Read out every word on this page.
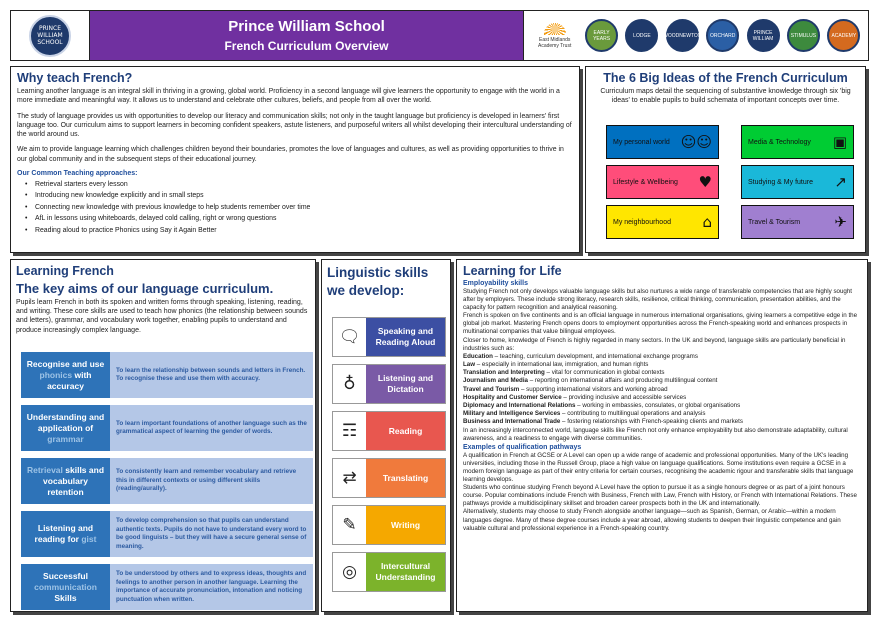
PRINCE WILLIAM SCHOOL
Prince William School
French Curriculum Overview	East Midlands Academy Trust
EARLY YEARS	LODGE	WOODNEWTON ORCHARD	PRINCE WILLIAM	STIMULUS	ACADEMY
Why teach French?

Learning another language is an integral skill in thriving in a growing, global world. Proficiency in a second language will give learners the opportunity to engage with the world in a more immediate and meaningful way. It allows us to understand and celebrate other cultures, beliefs, and people from all over the world.

The study of language provides us with opportunities to develop our literacy and communication skills; not only in the taught language but proficiency is developed in learners' first language too. Our curriculum aims to support learners in becoming confident speakers, astute listeners, and purposeful writers all whilst developing their intercultural understanding of the world around us.

We aim to provide language learning which challenges children beyond their boundaries, promotes the love of languages and cultures, as well as providing opportunities to thrive in our global community and in the subsequent steps of their educational journey.

Our Common Teaching approaches:
• Retrieval starters every lesson
• Introducing new knowledge explicitly and in small steps
• Connecting new knowledge with previous knowledge to help students remember over time
• AfL in lessons using whiteboards, delayed cold calling, right or wrong questions
• Reading aloud to practice Phonics using Say it Again Better
The 6 Big Ideas of the French Curriculum

Curriculum maps detail the sequencing of substantive knowledge through six 'big ideas' to enable pupils to build schemata of important concepts over time.

My personal world ☺☺	Media & Technology ▣
Lifestyle & Wellbeing ♥	Studying & My future ↗
My neighbourhood ⌂	Travel & Tourism ✈
Learning French
The key aims of our language curriculum.

Pupils learn French in both its spoken and written forms through speaking, listening, reading, and writing. These core skills are used to teach how phonics (the relationship between sounds and letters), grammar, and vocabulary work together, enabling pupils to understand and produce increasingly complex language.

Recognise and use phonics with accuracy
To learn the relationship between sounds and letters in French. To recognise these and use them with accuracy.
Understanding and application of grammar
To learn important foundations of another language such as the grammatical aspect of learning the gender of words.
Retrieval skills and vocabulary retention
To consistently learn and remember vocabulary and retrieve this in different contexts or using different skills (reading/aurally).
Listening and reading for gist
To develop comprehension so that pupils can understand authentic texts. Pupils do not have to understand every word to be good linguists – but they will have a secure general sense of meaning.
Successful communication Skills
To be understood by others and to express ideas, thoughts and feelings to another person in another language. Learning the importance of accurate pronunciation, intonation and noticing punctuation when written.
Linguistic skills we develop:
🗨	Speaking and Reading Aloud
♁	Listening and Dictation
☶	Reading
⇄	Translating
✎	Writing
◎	Intercultural Understanding
Learning for Life
Employability skills

Studying French not only develops valuable language skills but also nurtures a wide range of transferable competencies that are highly sought after by employers. These include strong literacy, research skills, resilience, critical thinking, communication, presentation abilities, and the capacity for pattern recognition and analytical reasoning.

French is spoken on five continents and is an official language in numerous international organisations, giving learners a competitive edge in the global job market. Mastering French opens doors to employment opportunities across the French-speaking world and enhances prospects in multinational companies that value bilingual employees.

Closer to home, knowledge of French is highly regarded in many sectors. In the UK and beyond, language skills are particularly beneficial in industries such as:

Education – teaching, curriculum development, and international exchange programs
Law – especially in international law, immigration, and human rights
Translation and Interpreting – vital for communication in global contexts
Journalism and Media – reporting on international affairs and producing multilingual content
Travel and Tourism – supporting international visitors and working abroad
Hospitality and Customer Service – providing inclusive and accessible services
Diplomacy and International Relations – working in embassies, consulates, or global organisations
Military and Intelligence Services – contributing to multilingual operations and analysis
Business and International Trade – fostering relationships with French-speaking clients and markets

In an increasingly interconnected world, language skills like French not only enhance employability but also demonstrate adaptability, cultural awareness, and a readiness to engage with diverse communities.

Examples of qualification pathways

A qualification in French at GCSE or A Level can open up a wide range of academic and professional opportunities. Many of the UK's leading universities, including those in the Russell Group, place a high value on language qualifications. Some institutions even require a GCSE in a modern foreign language as part of their entry criteria for certain courses, recognising the academic rigour and transferable skills that language learning develops.

Students who continue studying French beyond A Level have the option to pursue it as a single honours degree or as part of a joint honours course. Popular combinations include French with Business, French with Law, French with History, or French with International Relations. These pathways provide a multidisciplinary skillset and broaden career prospects both in the UK and internationally.

Alternatively, students may choose to study French alongside another language—such as Spanish, German, or Arabic—within a modern languages degree. Many of these degree courses include a year abroad, allowing students to deepen their linguistic competence and gain valuable cultural and professional experience in a French-speaking country.
